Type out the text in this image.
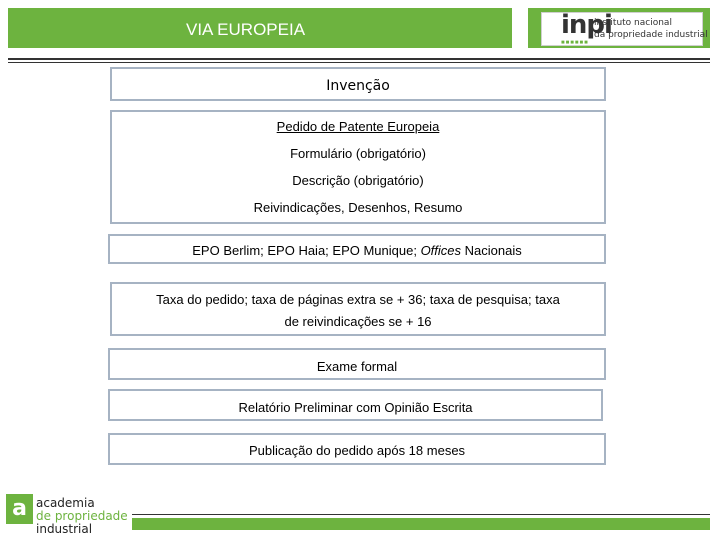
VIA EUROPEIA	inpi
■■■■■■
instituto nacional
da propriedade industrial
Invenção
Pedido de Patente Europeia
Formulário (obrigatório)
Descrição (obrigatório)
Reivindicações, Desenhos, Resumo
EPO Berlim; EPO Haia; EPO Munique; Offices Nacionais
Taxa do pedido; taxa de páginas extra se + 36; taxa de pesquisa; taxa
de reivindicações se + 16
Exame formal
Relatório Preliminar com Opinião Escrita
Publicação do pedido após 18 meses
a academia
de propriedade
industrial
